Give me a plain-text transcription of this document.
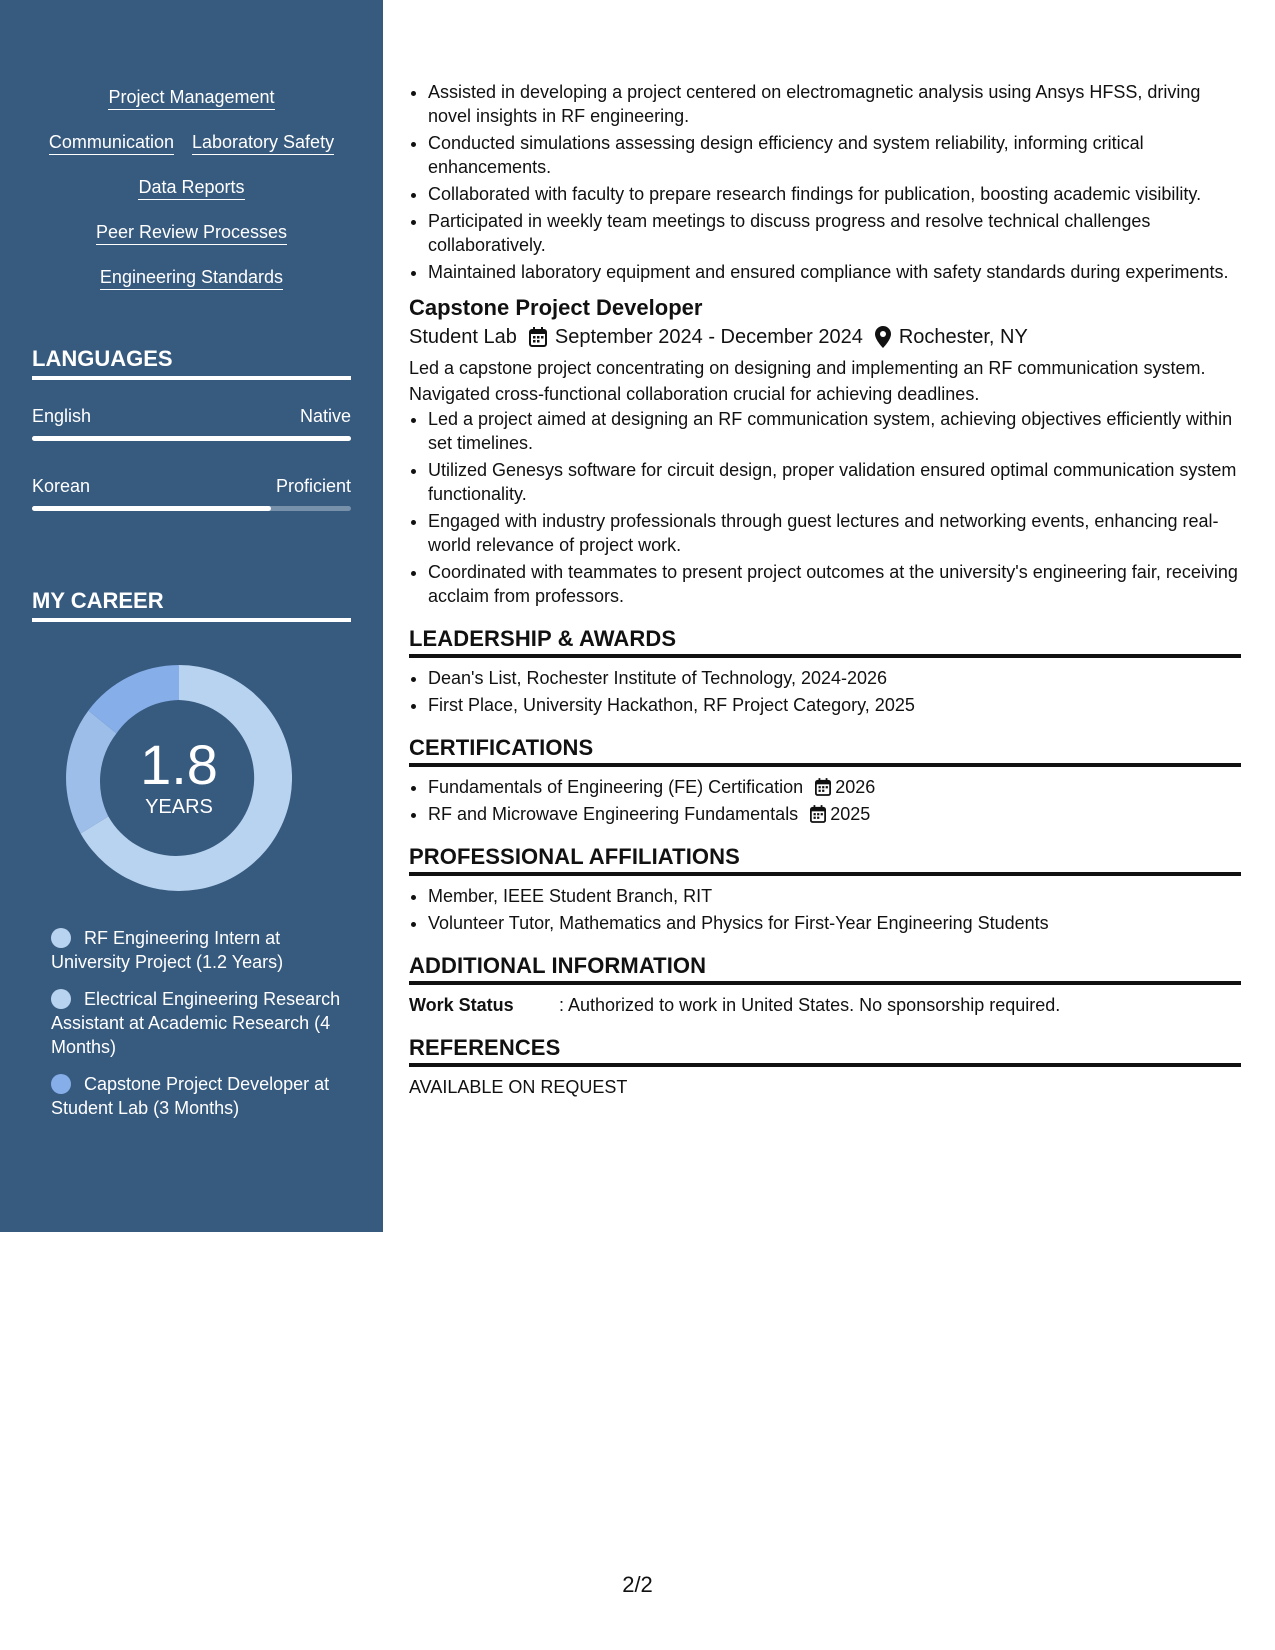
Project Management
Communication Laboratory Safety
Data Reports
Peer Review Processes
Engineering Standards
LANGUAGES
English	Native
Korean	Proficient
MY CAREER
1.8
YEARS
RF Engineering Intern at University Project (1.2 Years)
Electrical Engineering Research Assistant at Academic Research (4 Months)
Capstone Project Developer at Student Lab (3 Months)
• Assisted in developing a project centered on electromagnetic analysis using Ansys HFSS, driving novel insights in RF engineering.
• Conducted simulations assessing design efficiency and system reliability, informing critical enhancements.
• Collaborated with faculty to prepare research findings for publication, boosting academic visibility.
• Participated in weekly team meetings to discuss progress and resolve technical challenges collaboratively.
• Maintained laboratory equipment and ensured compliance with safety standards during experiments.
Capstone Project Developer
Student Lab September 2024 - December 2024 Rochester, NY
Led a capstone project concentrating on designing and implementing an RF communication system. Navigated cross-functional collaboration crucial for achieving deadlines.
• Led a project aimed at designing an RF communication system, achieving objectives efficiently within set timelines.
• Utilized Genesys software for circuit design, proper validation ensured optimal communication system functionality.
• Engaged with industry professionals through guest lectures and networking events, enhancing real-world relevance of project work.
• Coordinated with teammates to present project outcomes at the university's engineering fair, receiving acclaim from professors.
LEADERSHIP & AWARDS
• Dean's List, Rochester Institute of Technology, 2024-2026
• First Place, University Hackathon, RF Project Category, 2025
CERTIFICATIONS
• Fundamentals of Engineering (FE) Certification 2026
• RF and Microwave Engineering Fundamentals 2025
PROFESSIONAL AFFILIATIONS
• Member, IEEE Student Branch, RIT
• Volunteer Tutor, Mathematics and Physics for First-Year Engineering Students
ADDITIONAL INFORMATION
Work Status	: Authorized to work in United States. No sponsorship required.
REFERENCES
AVAILABLE ON REQUEST
2/2
